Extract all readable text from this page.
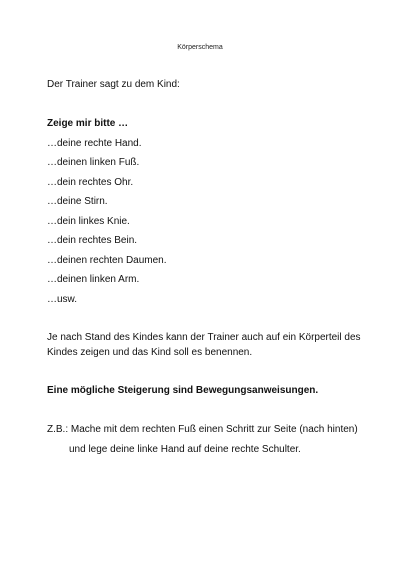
Körperschema
Der Trainer sagt zu dem Kind:
Zeige mir bitte …
…deine rechte Hand.
…deinen linken Fuß.
…dein rechtes Ohr.
…deine Stirn.
…dein linkes Knie.
…dein rechtes Bein.
…deinen rechten Daumen.
…deinen linken Arm.
…usw.
Je nach Stand des Kindes kann der Trainer auch auf ein Körperteil des
Kindes zeigen und das Kind soll es benennen.
Eine mögliche Steigerung sind Bewegungsanweisungen.
Z.B.: Mache mit dem rechten Fuß einen Schritt zur Seite (nach hinten)
und lege deine linke Hand auf deine rechte Schulter.
